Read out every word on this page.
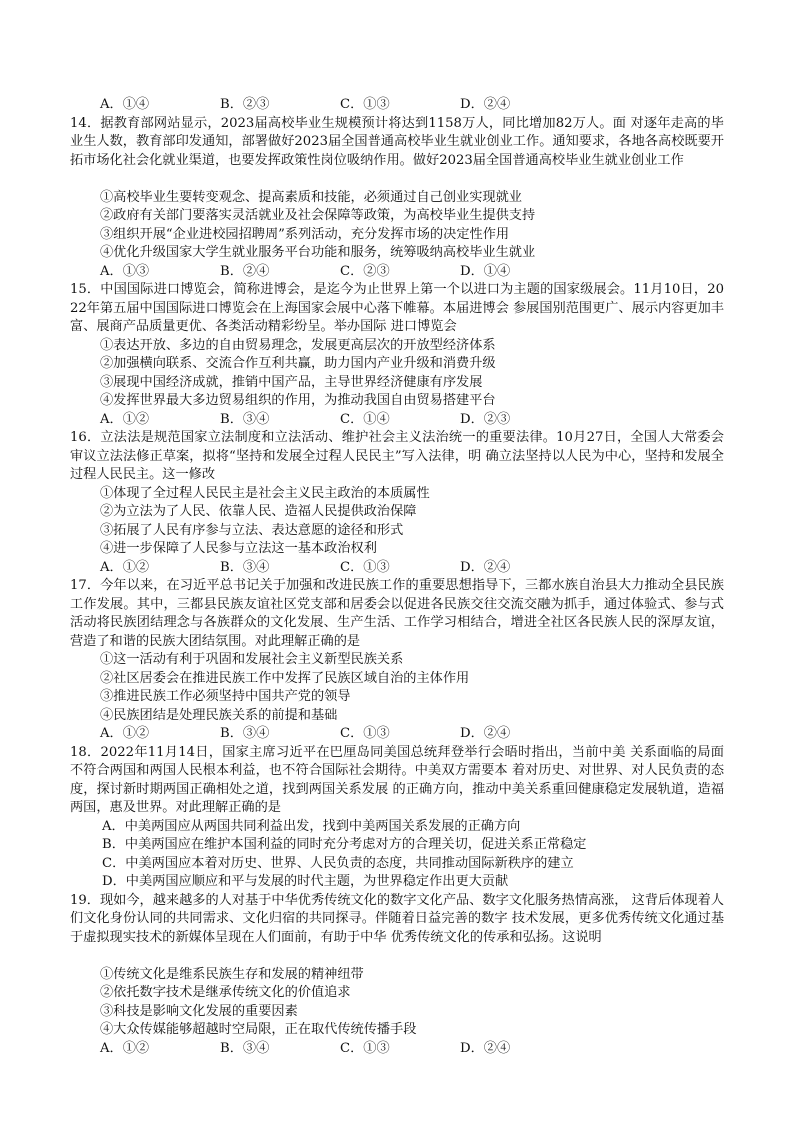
A．①④	B．②③	C．①③	D．②④
14．据教育部网站显示，2023届高校毕业生规模预计将达到1158万人，同比增加82万人。面 对逐年走高的毕业生人数，教育部印发通知，部署做好2023届全国普通高校毕业生就业创业工作。通知要求，各地各高校既要开拓市场化社会化就业渠道，也要发挥政策性岗位吸纳作用。做好2023届全国普通高校毕业生就业创业工作
①高校毕业生要转变观念、提高素质和技能，必须通过自己创业实现就业
②政府有关部门要落实灵活就业及社会保障等政策，为高校毕业生提供支持
③组织开展“企业进校园招聘周”系列活动，充分发挥市场的决定性作用
④优化升级国家大学生就业服务平台功能和服务，统筹吸纳高校毕业生就业
A．①③	B．②④	C．②③	D．①④
15．中国国际进口博览会，简称进博会，是迄今为止世界上第一个以进口为主题的国家级展会。11月10日，2022年第五届中国国际进口博览会在上海国家会展中心落下帷幕。本届进博会 参展国别范围更广、展示内容更加丰富、展商产品质量更优、各类活动精彩纷呈。举办国际 进口博览会
①表达开放、多边的自由贸易理念，发展更高层次的开放型经济体系
②加强横向联系、交流合作互利共赢，助力国内产业升级和消费升级
③展现中国经济成就，推销中国产品，主导世界经济健康有序发展
④发挥世界最大多边贸易组织的作用，为推动我国自由贸易搭建平台
A．①②	B．③④	C．①④	D．②③
16．立法法是规范国家立法制度和立法活动、维护社会主义法治统一的重要法律。10月27日，全国人大常委会审议立法法修正草案，拟将“坚持和发展全过程人民民主”写入法律，明 确立法坚持以人民为中心，坚持和发展全过程人民民主。这一修改
①体现了全过程人民民主是社会主义民主政治的本质属性
②为立法为了人民、依靠人民、造福人民提供政治保障
③拓展了人民有序参与立法、表达意愿的途径和形式
④进一步保障了人民参与立法这一基本政治权利
A．①②	B．③④	C．①③	D．②④
17．今年以来，在习近平总书记关于加强和改进民族工作的重要思想指导下，三都水族自治县大力推动全县民族工作发展。其中，三都县民族友谊社区党支部和居委会以促进各民族交往交流交融为抓手，通过体验式、参与式活动将民族团结理念与各族群众的文化发展、生产生活、工作学习相结合，增进全社区各民族人民的深厚友谊，营造了和谐的民族大团结氛围。对此理解正确的是
①这一活动有利于巩固和发展社会主义新型民族关系
②社区居委会在推进民族工作中发挥了民族区域自治的主体作用
③推进民族工作必须坚持中国共产党的领导
④民族团结是处理民族关系的前提和基础
A．①②	B．③④	C．①③	D．②④
18．2022年11月14日，国家主席习近平在巴厘岛同美国总统拜登举行会晤时指出，当前中美 关系面临的局面不符合两国和两国人民根本利益，也不符合国际社会期待。中美双方需要本 着对历史、对世界、对人民负责的态度，探讨新时期两国正确相处之道，找到两国关系发展 的正确方向，推动中美关系重回健康稳定发展轨道，造福两国，惠及世界。对此理解正确的是
A．中美两国应从两国共同利益出发，找到中美两国关系发展的正确方向
B．中美两国应在维护本国利益的同时充分考虑对方的合理关切，促进关系正常稳定
C．中美两国应本着对历史、世界、人民负责的态度，共同推动国际新秩序的建立
D．中美两国应顺应和平与发展的时代主题，为世界稳定作出更大贡献
19．现如今，越来越多的人对基于中华优秀传统文化的数字文化产品、数字文化服务热情高涨， 这背后体现着人们文化身份认同的共同需求、文化归宿的共同探寻。伴随着日益完善的数字 技术发展，更多优秀传统文化通过基于虚拟现实技术的新媒体呈现在人们面前，有助于中华 优秀传统文化的传承和弘扬。这说明
①传统文化是维系民族生存和发展的精神纽带
②依托数字技术是继承传统文化的价值追求
③科技是影响文化发展的重要因素
④大众传媒能够超越时空局限，正在取代传统传播手段
A．①②	B．③④	C．①③	D．②④
